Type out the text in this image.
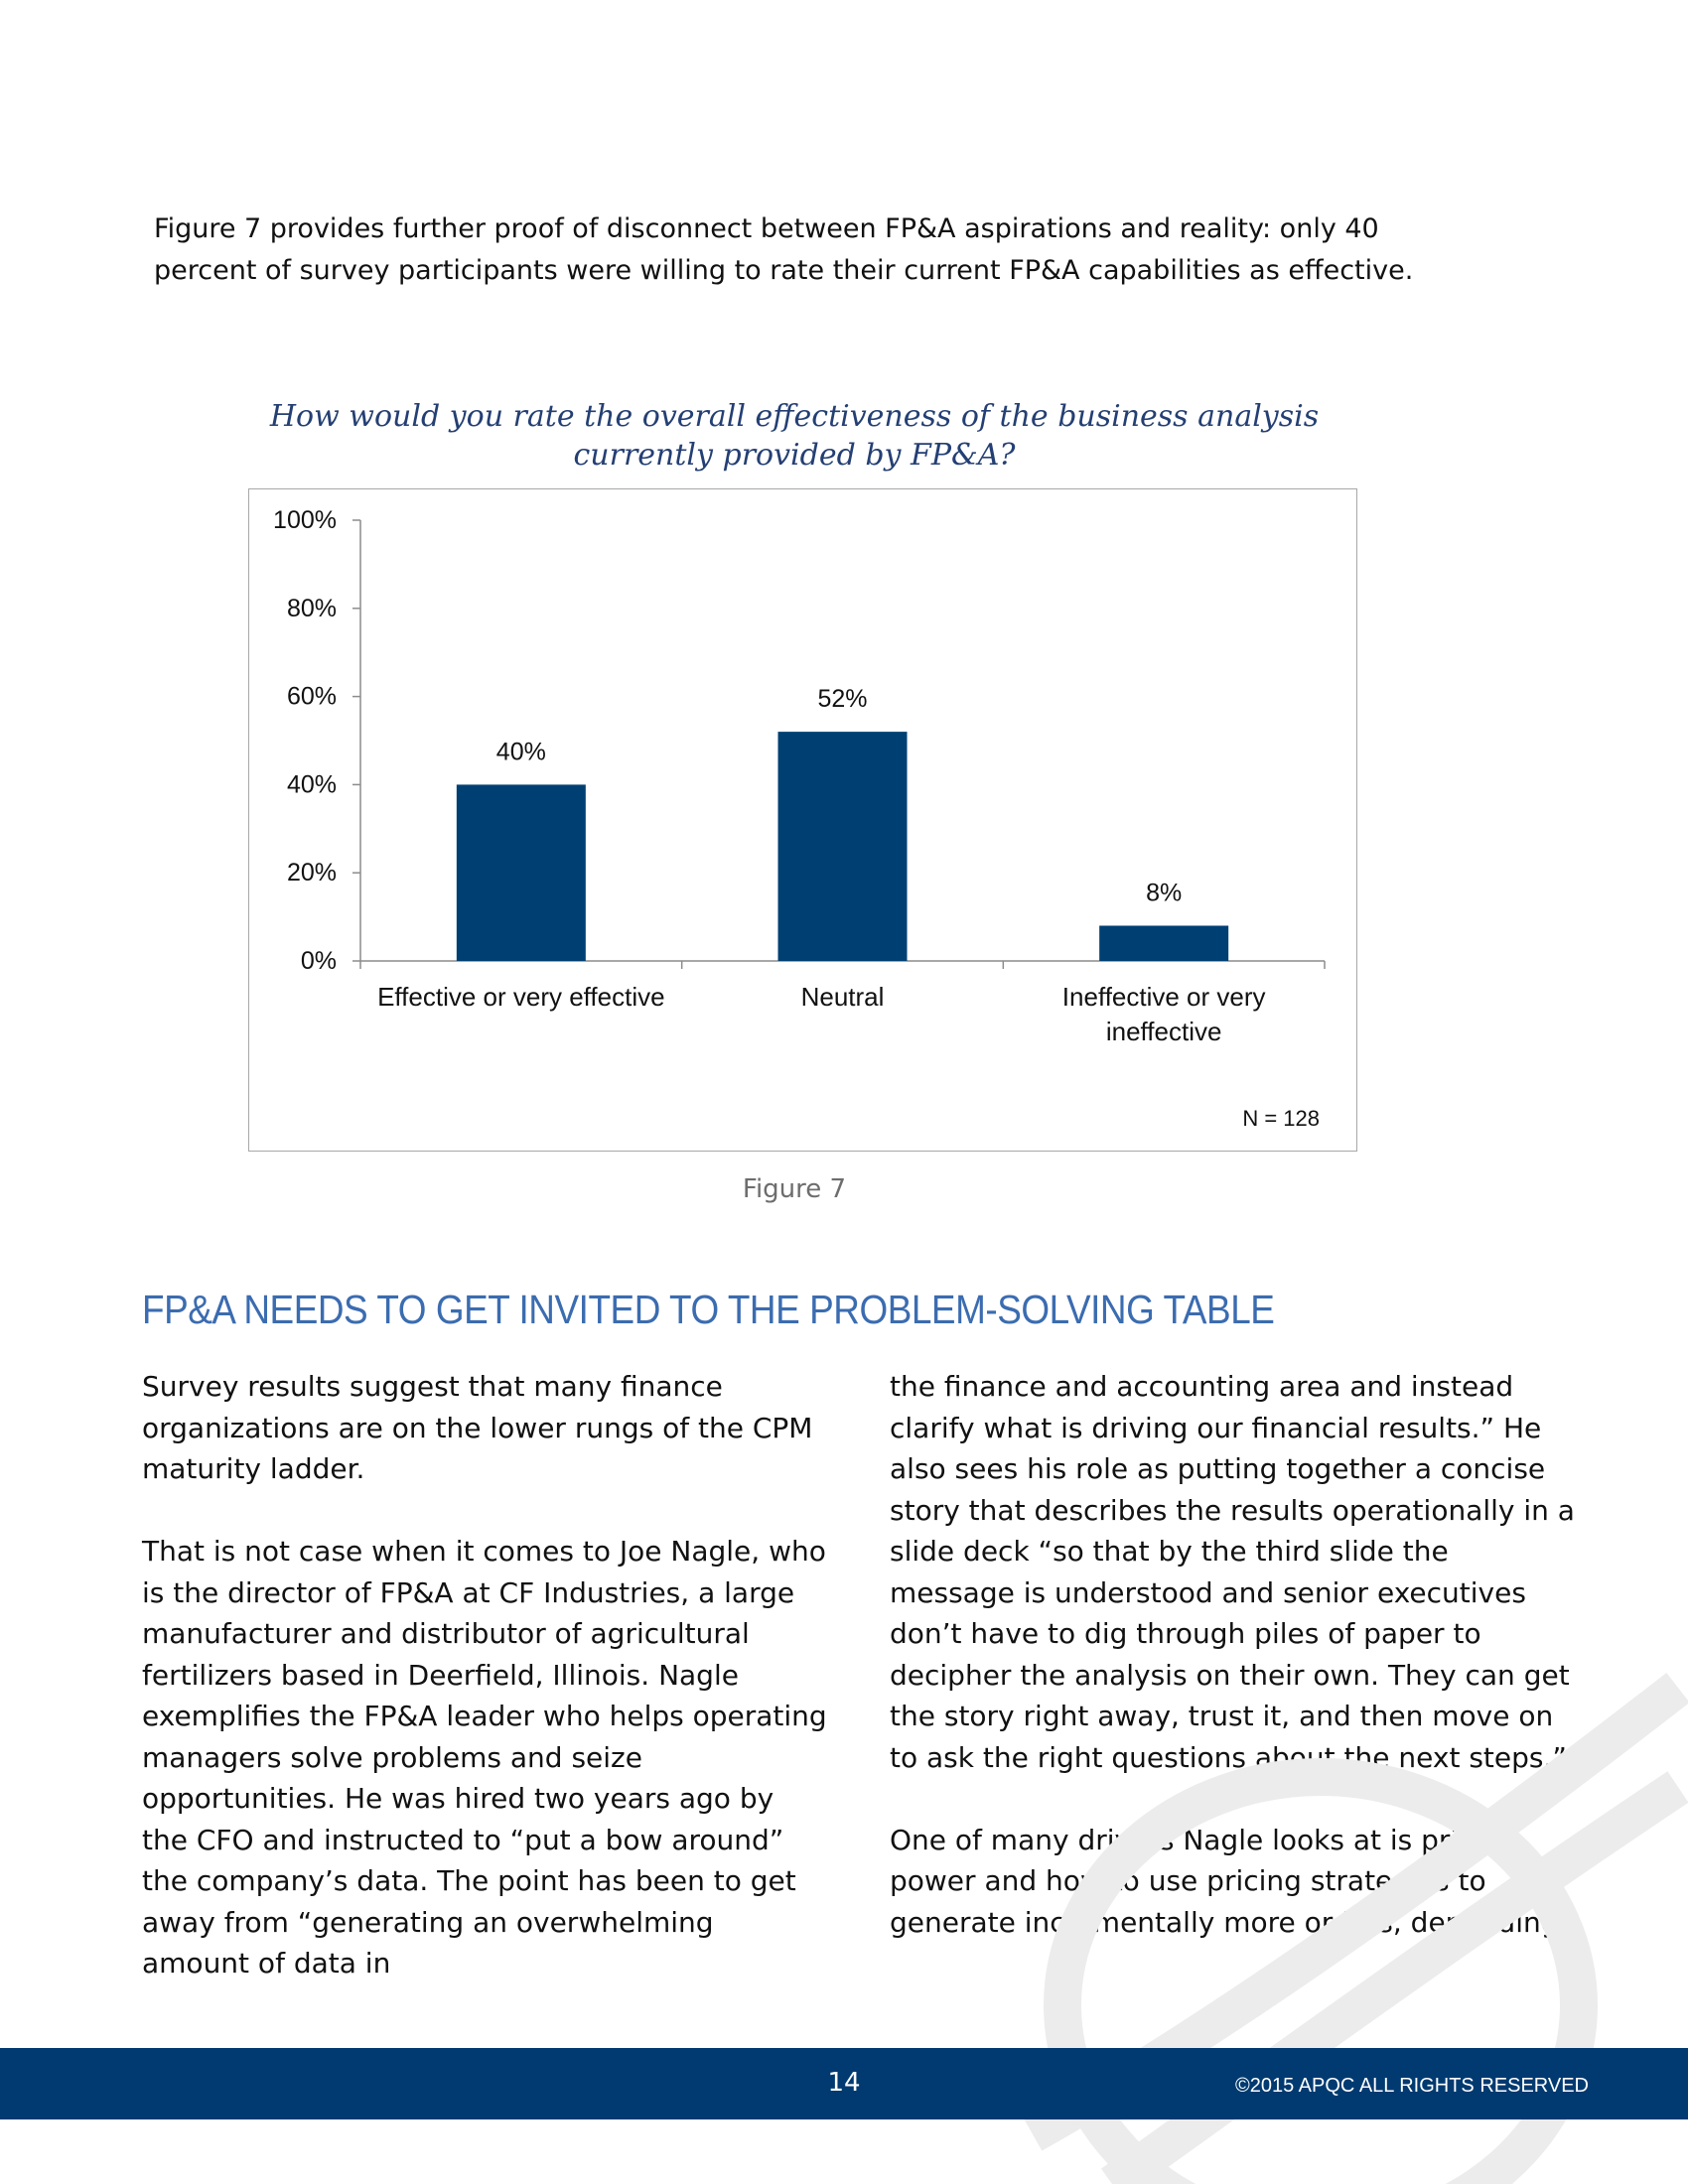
Figure 7 provides further proof of disconnect between FP&A aspirations and reality: only 40 percent of survey participants were willing to rate their current FP&A capabilities as effective.
How would you rate the overall effectiveness of the business analysis currently provided by FP&A?
100%
80%
60%
40%
20%
0%
40%
Effective or very effective
52%
Neutral
8%
Ineffective or very
ineffective
N = 128
Figure 7
FP&A NEEDS TO GET INVITED TO THE PROBLEM-SOLVING TABLE

Survey results suggest that many finance organizations are on the lower rungs of the CPM maturity ladder.

That is not case when it comes to Joe Nagle, who is the director of FP&A at CF Industries, a large manufacturer and distributor of agricultural fertilizers based in Deerfield, Illinois. Nagle exemplifies the FP&A leader who helps operating managers solve problems and seize opportunities. He was hired two years ago by the CFO and instructed to “put a bow around” the company’s data. The point has been to get away from “generating an overwhelming amount of data in

the finance and accounting area and instead clarify what is driving our financial results.” He also sees his role as putting together a concise story that describes the results operationally in a slide deck “so that by the third slide the message is understood and senior executives don’t have to dig through piles of paper to decipher the analysis on their own. They can get the story right away, trust it, and then move on to ask the right questions about the next steps.”

One of many drivers Nagle looks at is pricing power and how to use pricing strategies to generate incrementally more orders, depending

14	©2015 APQC ALL RIGHTS RESERVED
